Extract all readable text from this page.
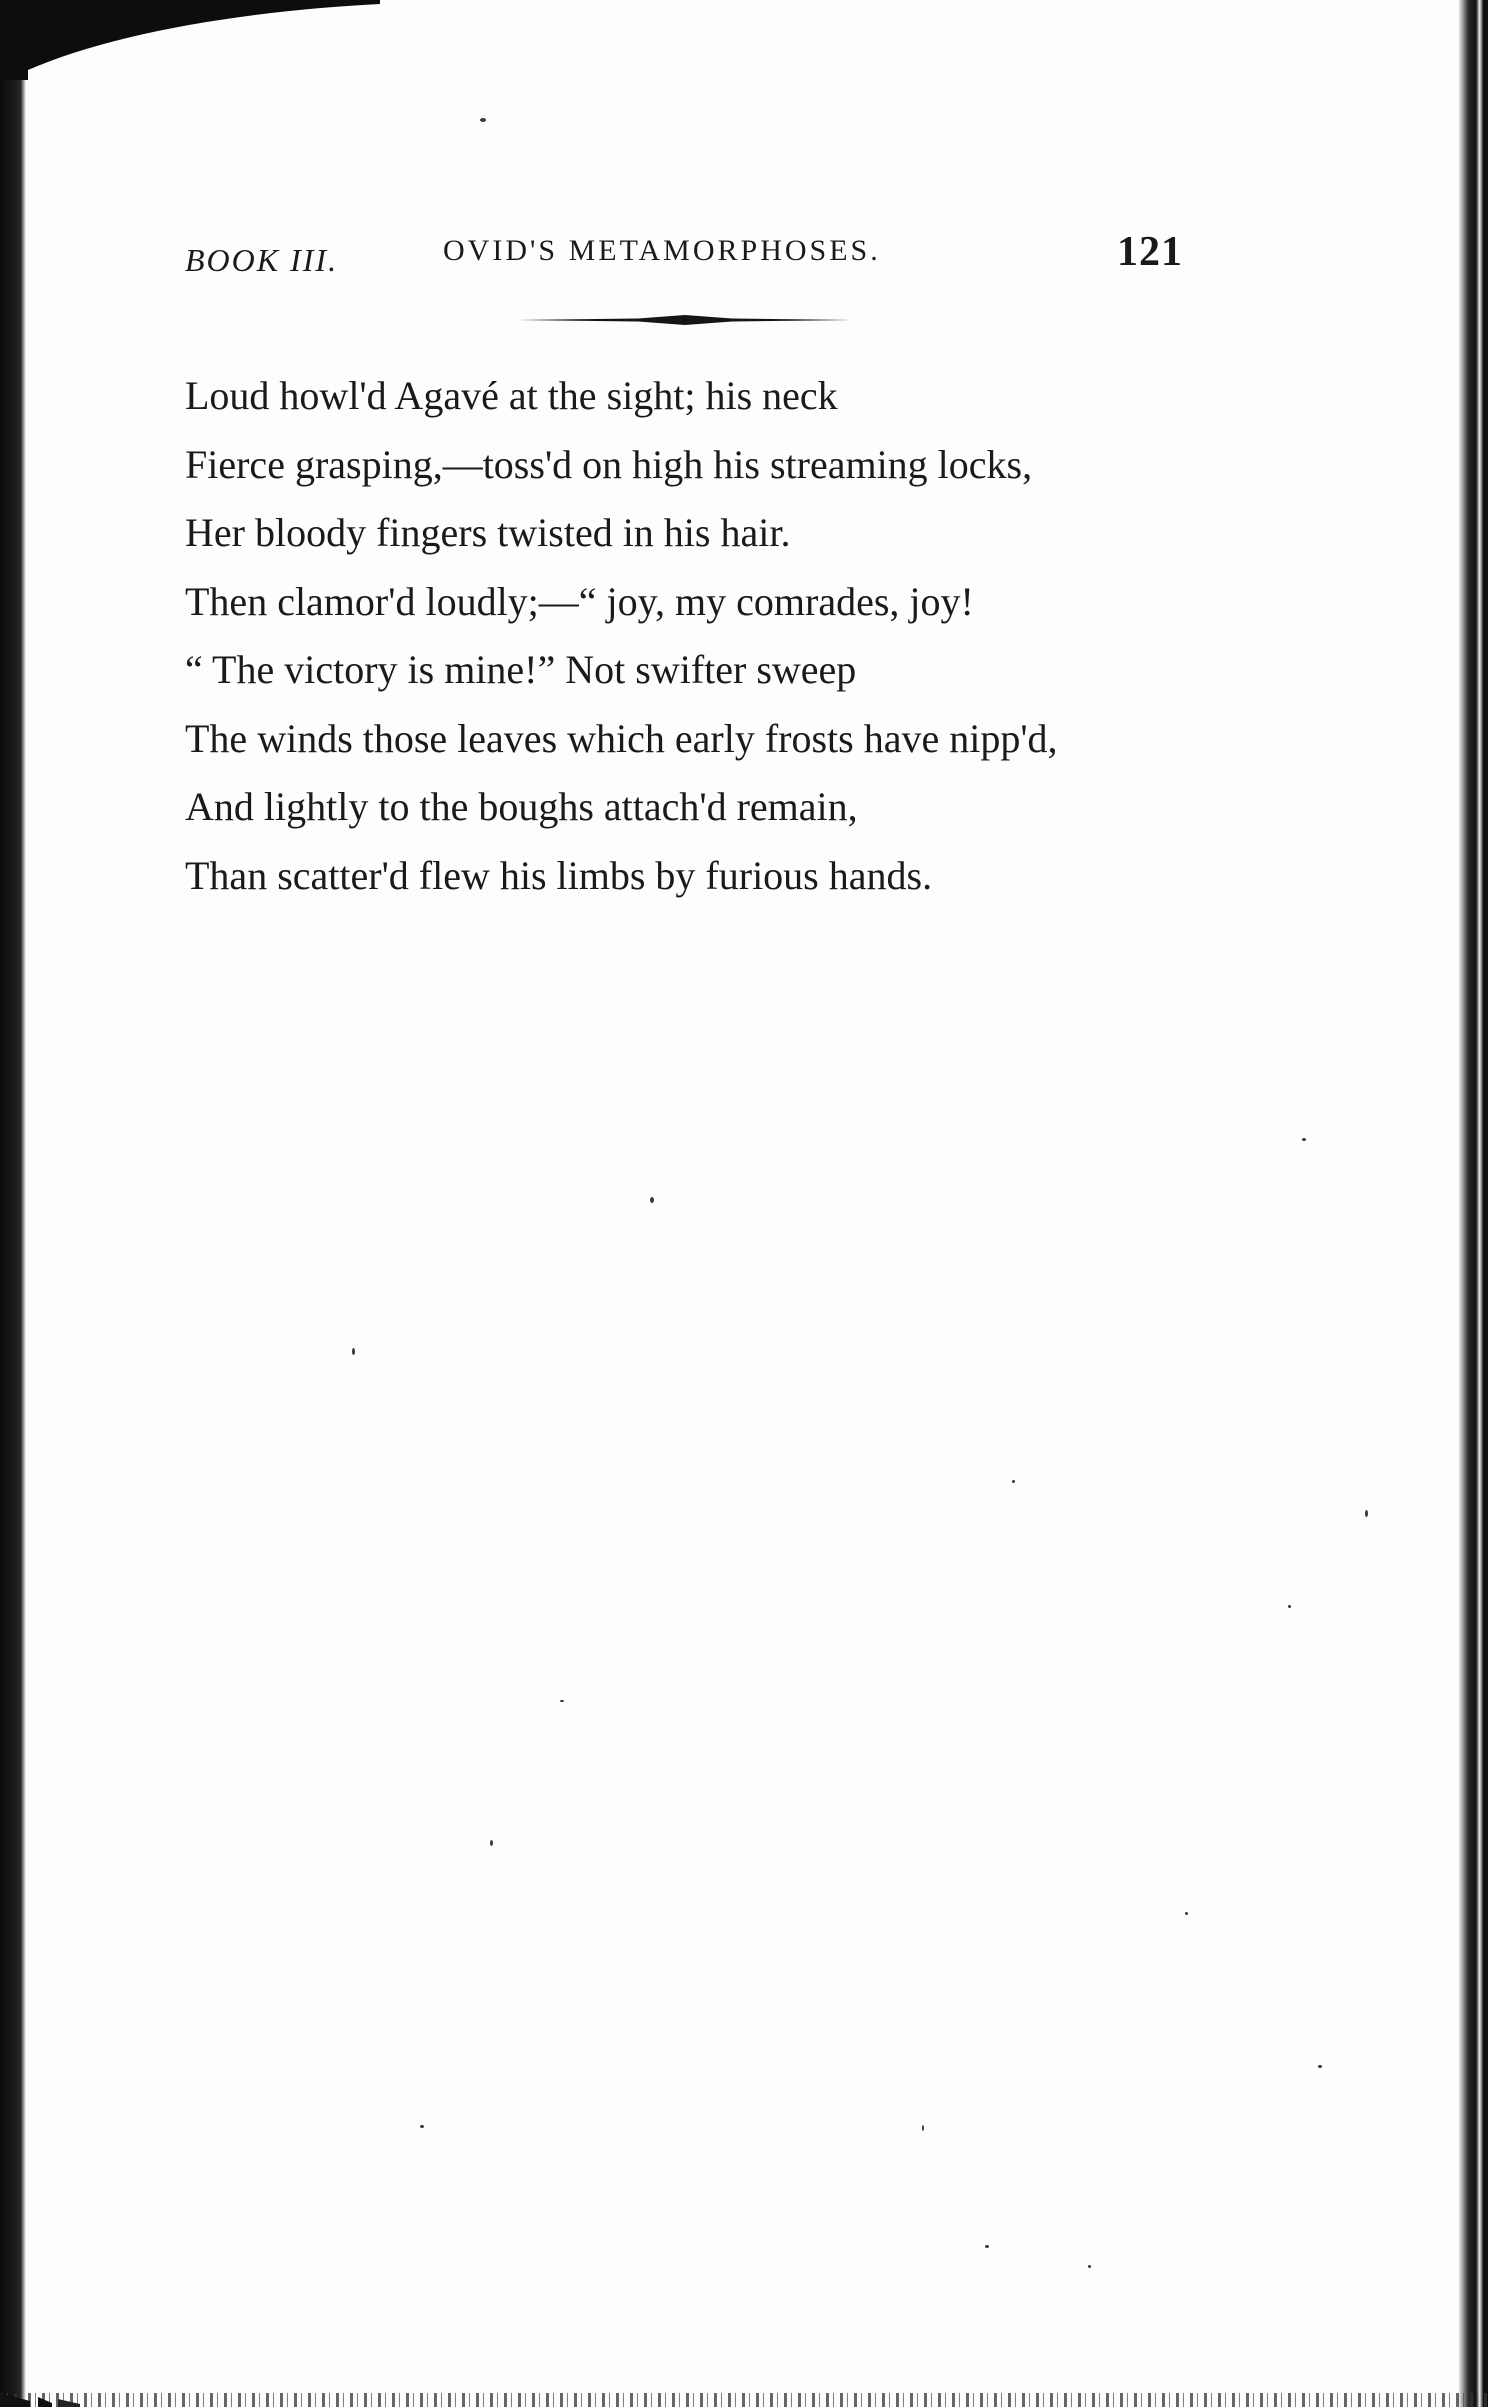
BOOK III.	OVID'S METAMORPHOSES.	121
Loud howl'd Agavé at the sight; his neck
Fierce grasping,—toss'd on high his streaming locks,
Her bloody fingers twisted in his hair.
Then clamor'd loudly;—“ joy, my comrades, joy!
“ The victory is mine!” Not swifter sweep
The winds those leaves which early frosts have nipp'd,
And lightly to the boughs attach'd remain,
Than scatter'd flew his limbs by furious hands.
